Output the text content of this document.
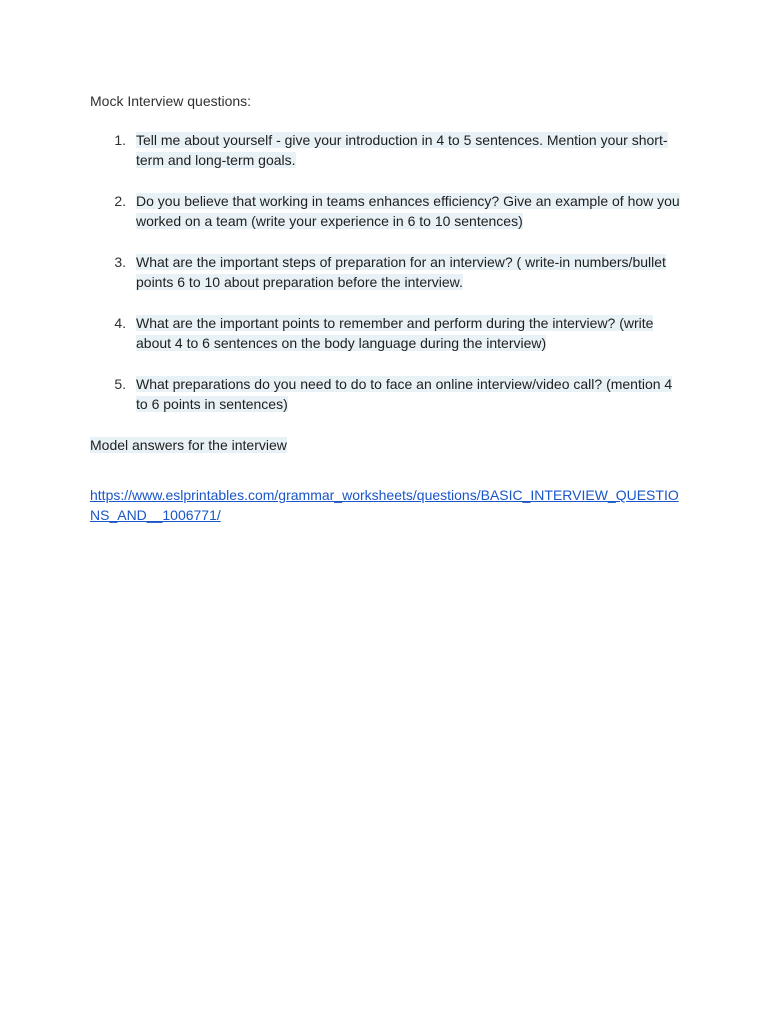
Mock Interview questions:

1. Tell me about yourself - give your introduction in 4 to 5 sentences. Mention your short-term and long-term goals.
2. Do you believe that working in teams enhances efficiency? Give an example of how you worked on a team (write your experience in 6 to 10 sentences)
3. What are the important steps of preparation for an interview? ( write-in numbers/bullet points 6 to 10 about preparation before the interview.
4. What are the important points to remember and perform during the interview? (write about 4 to 6 sentences on the body language during the interview)
5. What preparations do you need to do to face an online interview/video call? (mention 4 to 6 points in sentences)

Model answers for the interview

https://www.eslprintables.com/grammar_worksheets/questions/BASIC_INTERVIEW_QUESTIONS_AND__1006771/
